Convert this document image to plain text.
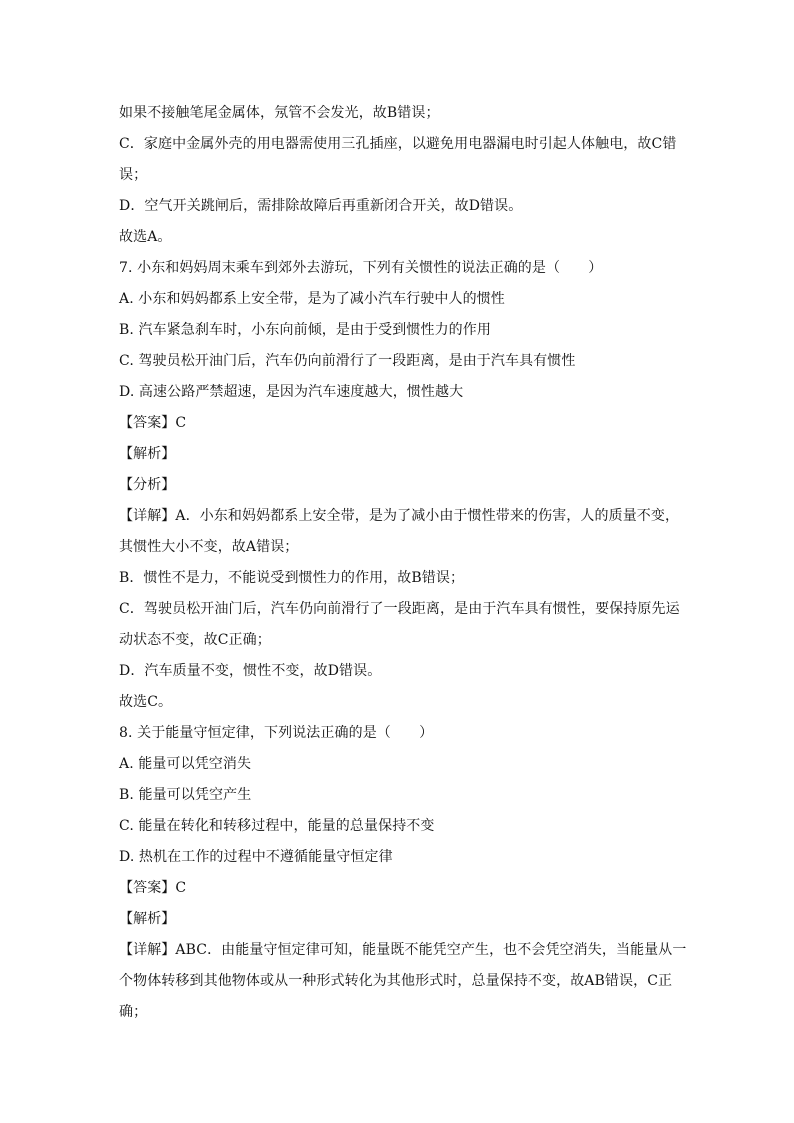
如果不接触笔尾金属体，氖管不会发光，故B错误；
C．家庭中金属外壳的用电器需使用三孔插座，以避免用电器漏电时引起人体触电，故C错
误；
D．空气开关跳闸后，需排除故障后再重新闭合开关，故D错误。
故选A。
7. 小东和妈妈周末乘车到郊外去游玩，下列有关惯性的说法正确的是（　　）
A. 小东和妈妈都系上安全带，是为了减小汽车行驶中人的惯性
B. 汽车紧急刹车时，小东向前倾，是由于受到惯性力的作用
C. 驾驶员松开油门后，汽车仍向前滑行了一段距离，是由于汽车具有惯性
D. 高速公路严禁超速，是因为汽车速度越大，惯性越大
【答案】C
【解析】
【分析】
【详解】A．小东和妈妈都系上安全带，是为了减小由于惯性带来的伤害，人的质量不变，
其惯性大小不变，故A错误；
B．惯性不是力，不能说受到惯性力的作用，故B错误；
C．驾驶员松开油门后，汽车仍向前滑行了一段距离，是由于汽车具有惯性，要保持原先运
动状态不变，故C正确；
D．汽车质量不变，惯性不变，故D错误。
故选C。
8. 关于能量守恒定律，下列说法正确的是（　　）
A. 能量可以凭空消失
B. 能量可以凭空产生
C. 能量在转化和转移过程中，能量的总量保持不变
D. 热机在工作的过程中不遵循能量守恒定律
【答案】C
【解析】
【详解】ABC．由能量守恒定律可知，能量既不能凭空产生，也不会凭空消失，当能量从一
个物体转移到其他物体或从一种形式转化为其他形式时，总量保持不变，故AB错误，C正
确；
